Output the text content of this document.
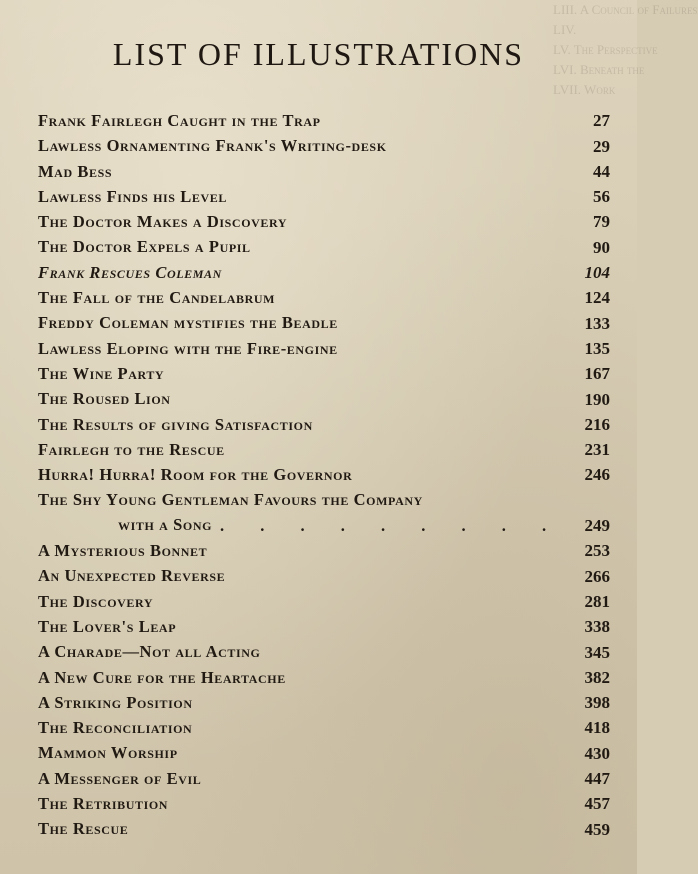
LIII. A Council of Failures
LIV.
LV. The Perspective
LVI. Beneath the
LVII. Work
LIST OF ILLUSTRATIONS
Frank Fairlegh Caught in the Trap	27
Lawless Ornamenting Frank's Writing-desk	29
Mad Bess	44
Lawless Finds his Level	56
The Doctor Makes a Discovery	79
The Doctor Expels a Pupil	90
Frank Rescues Coleman	104
The Fall of the Candelabrum	124
Freddy Coleman mystifies the Beadle	133
Lawless Eloping with the Fire-engine	135
The Wine Party	167
The Roused Lion	190
The Results of giving Satisfaction	216
Fairlegh to the Rescue	231
Hurra! Hurra! Room for the Governor	246
The Shy Young Gentleman Favours the Company
with a Song . . . . . . . . .	249
A Mysterious Bonnet	253
An Unexpected Reverse	266
The Discovery	281
The Lover's Leap	338
A Charade—Not all Acting	345
A New Cure for the Heartache	382
A Striking Position	398
The Reconciliation	418
Mammon Worship	430
A Messenger of Evil	447
The Retribution	457
The Rescue	459
